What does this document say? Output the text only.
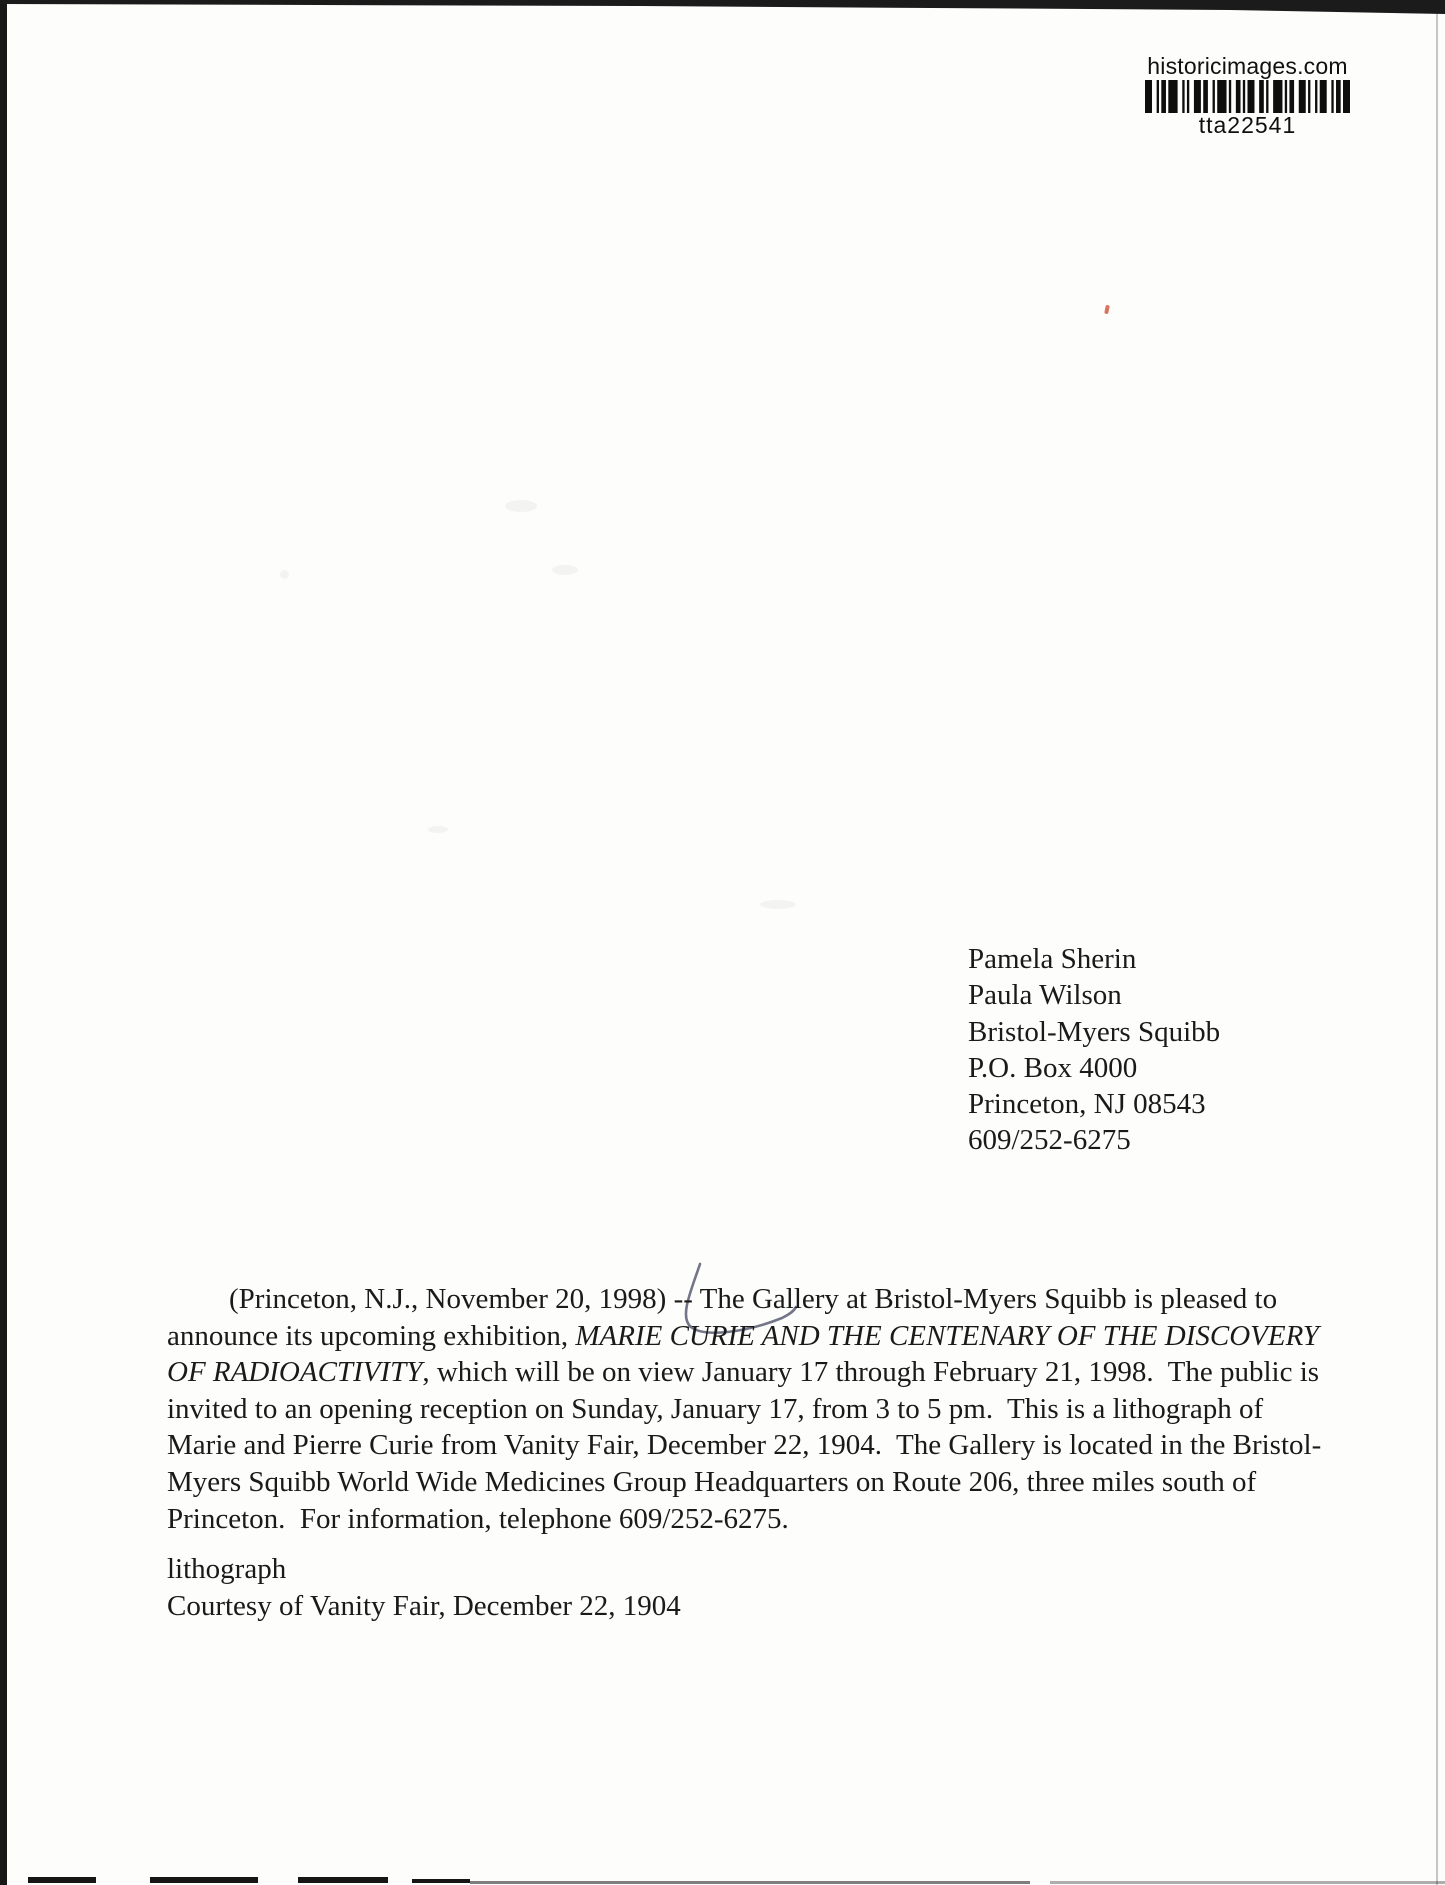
historicimages.com
tta22541
Pamela Sherin
Paula Wilson
Bristol-Myers Squibb
P.O. Box 4000
Princeton, NJ 08543
609/252-6275

(Princeton, N.J., November 20, 1998) -- The Gallery at Bristol-Myers Squibb is pleased to announce its upcoming exhibition, MARIE CURIE AND THE CENTENARY OF THE DISCOVERY OF RADIOACTIVITY, which will be on view January 17 through February 21, 1998.  The public is invited to an opening reception on Sunday, January 17, from 3 to 5 pm.  This is a lithograph of Marie and Pierre Curie from Vanity Fair, December 22, 1904.  The Gallery is located in the Bristol-Myers Squibb World Wide Medicines Group Headquarters on Route 206, three miles south of Princeton.  For information, telephone 609/252-6275.

lithograph
Courtesy of Vanity Fair, December 22, 1904
